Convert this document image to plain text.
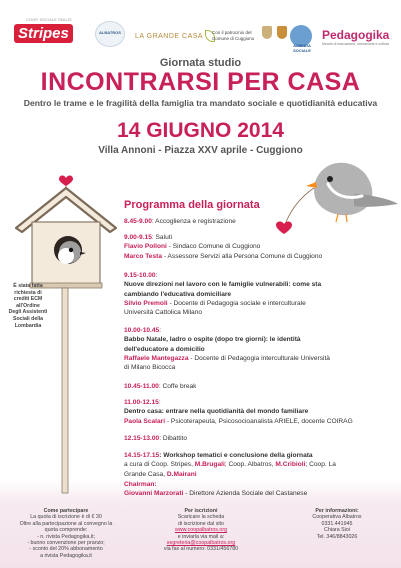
COOP. SOCIALE ONLUS
Stripes	ALBATROS
LA GRANDE CASA
Con il patrocinio del
Comune di Cuggiono
AZIENDA
SOCIALE
Pedagogika
Mondo di educazione, formazione e cultura
Giornata studio
INCONTRARSI PER CASA
Dentro le trame e le fragilità della famiglia tra mandato sociale e quotidianità educativa
14 GIUGNO 2014
Villa Annoni - Piazza XXV aprile - Cuggiono
È stata fatta
richiesta di
crediti ECM
all'Ordine
Degli Assistenti
Sociali della
Lombardia
Programma della giornata
8.45-9.00: Accoglienza e registrazione
9.00-9.15: Saluti
Flavio Polloni - Sindaco Comune di Cuggiono
Marco Testa - Assessore Servizi alla Persona Comune di Cuggiono
9.15-10.00:
Nuove direzioni nel lavoro con le famiglie vulnerabili: come sta
cambiando l'educativa domiciliare
Silvio Premoli - Docente di Pedagogia sociale e interculturale
Università Cattolica Milano
10.00-10.45:
Babbo Natale, ladro o ospite (dopo tre giorni): le identità
dell'educatore a domicilio
Raffaele Mantegazza - Docente di Pedagogia interculturale Università
di Milano Bicocca
10.45-11.00: Coffe break
11.00-12.15:
Dentro casa: entrare nella quotidianità del mondo familiare
Paola Scalari - Psicoterapeuta, Psicosocioanalista ARIELE, docente COIRAG
12.15-13.00: Dibattito
14.15-17.15: Workshop tematici e conclusione della giornata
a cura di Coop. Stripes, M.Brugali; Coop. Albatros, M.Cribioli; Coop. La
Grande Casa, D.Mairani
Chairman:
Giovanni Marzorati - Direttore Azienda Sociale del Castanese
Come partecipare
La quota di iscrizione è di € 30
Oltre alla partecipazione al convegno la
quota comprende:
- n. rivista Pedagogika.it;
- buono convenzione per pranzo;
- sconto del 20% abbonamento
a rivista Pedagogika.it
Per iscrizioni
Scaricare la scheda
di iscrizione dal sito
www.coopalbatros.org
e inviarla via mail a:
segreteria@coopalbatros.org
via fax al numero: 0331/456780
Per informazioni:
Cooperativa Albatros
0331.441945
Chiara Sioi
Tel. 346/8843026
